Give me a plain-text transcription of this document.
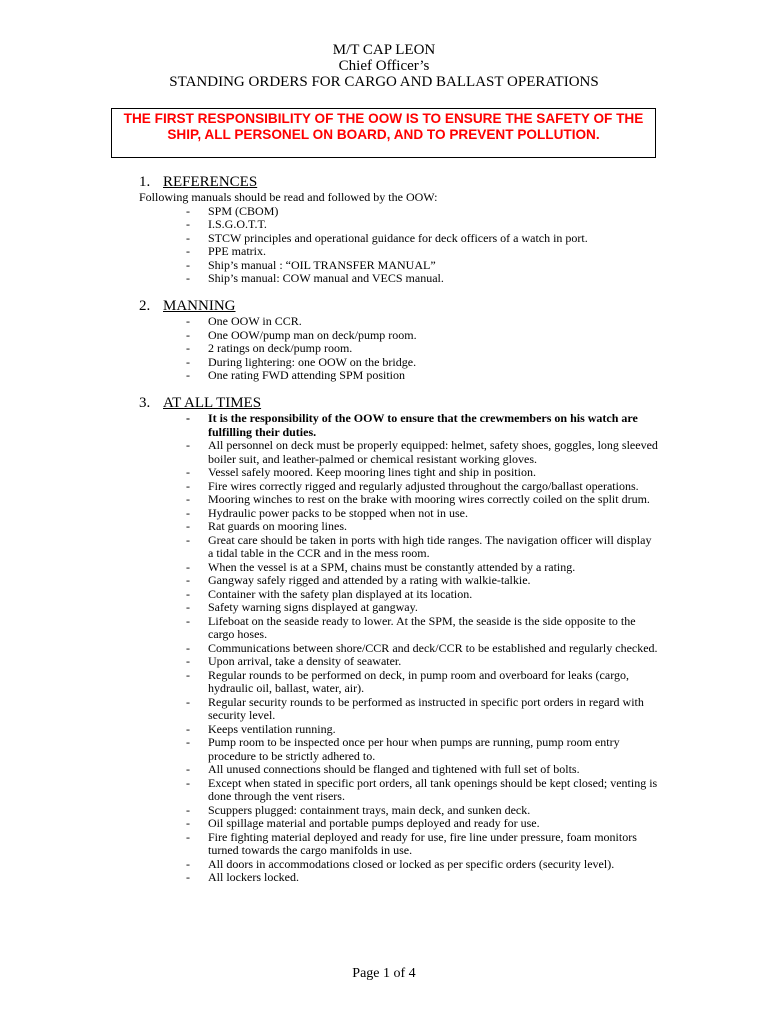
M/T CAP LEON
Chief Officer’s
STANDING ORDERS FOR CARGO AND BALLAST OPERATIONS
THE FIRST RESPONSIBILITY OF THE OOW IS TO ENSURE THE SAFETY OF THE SHIP, ALL PERSONEL ON BOARD, AND TO PREVENT POLLUTION.
1. REFERENCES
Following manuals should be read and followed by the OOW:
- SPM (CBOM)
- I.S.G.O.T.T.
- STCW principles and operational guidance for deck officers of a watch in port.
- PPE matrix.
- Ship’s manual : “OIL TRANSFER MANUAL”
- Ship’s manual: COW manual and VECS manual.
2. MANNING
- One OOW in CCR.
- One OOW/pump man on deck/pump room.
- 2 ratings on deck/pump room.
- During lightering: one OOW on the bridge.
- One rating FWD attending SPM position
3. AT ALL TIMES
- It is the responsibility of the OOW to ensure that the crewmembers on his watch are fulfilling their duties.
- All personnel on deck must be properly equipped: helmet, safety shoes, goggles, long sleeved boiler suit, and leather-palmed or chemical resistant working gloves.
- Vessel safely moored. Keep mooring lines tight and ship in position.
- Fire wires correctly rigged and regularly adjusted throughout the cargo/ballast operations.
- Mooring winches to rest on the brake with mooring wires correctly coiled on the split drum.
- Hydraulic power packs to be stopped when not in use.
- Rat guards on mooring lines.
- Great care should be taken in ports with high tide ranges. The navigation officer will display a tidal table in the CCR and in the mess room.
- When the vessel is at a SPM, chains must be constantly attended by a rating.
- Gangway safely rigged and attended by a rating with walkie-talkie.
- Container with the safety plan displayed at its location.
- Safety warning signs displayed at gangway.
- Lifeboat on the seaside ready to lower. At the SPM, the seaside is the side opposite to the cargo hoses.
- Communications between shore/CCR and deck/CCR to be established and regularly checked.
- Upon arrival, take a density of seawater.
- Regular rounds to be performed on deck, in pump room and overboard for leaks (cargo, hydraulic oil, ballast, water, air).
- Regular security rounds to be performed as instructed in specific port orders in regard with security level.
- Keeps ventilation running.
- Pump room to be inspected once per hour when pumps are running, pump room entry procedure to be strictly adhered to.
- All unused connections should be flanged and tightened with full set of bolts.
- Except when stated in specific port orders, all tank openings should be kept closed; venting is done through the vent risers.
- Scuppers plugged: containment trays, main deck, and sunken deck.
- Oil spillage material and portable pumps deployed and ready for use.
- Fire fighting material deployed and ready for use, fire line under pressure, foam monitors turned towards the cargo manifolds in use.
- All doors in accommodations closed or locked as per specific orders (security level).
- All lockers locked.
Page 1 of 4
